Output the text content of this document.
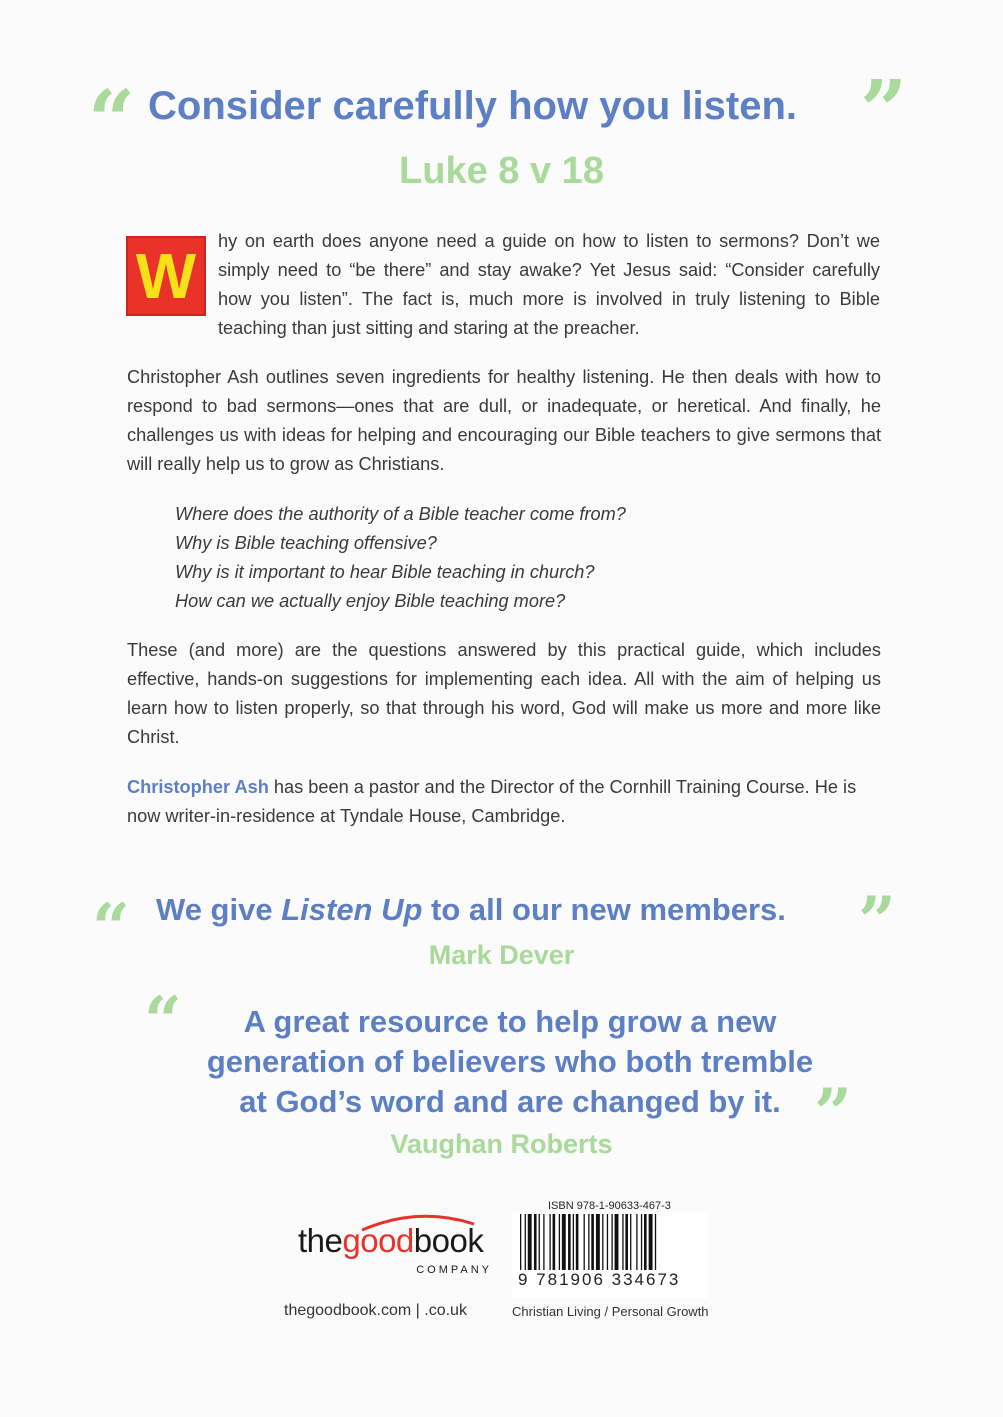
“ Consider carefully how you listen. ”
Luke 8 v 18
W	hy on earth does anyone need a guide on how to listen to sermons? Don’t we simply need to “be there” and stay awake? Yet Jesus said: “Consider carefully how you listen”. The fact is, much more is involved in truly listening to Bible teaching than just sitting and staring at the preacher.
Christopher Ash outlines seven ingredients for healthy listening. He then deals with how to respond to bad sermons—ones that are dull, or inadequate, or heretical. And finally, he challenges us with ideas for helping and encouraging our Bible teachers to give sermons that will really help us to grow as Christians.
Where does the authority of a Bible teacher come from?
Why is Bible teaching offensive?
Why is it important to hear Bible teaching in church?
How can we actually enjoy Bible teaching more?
These (and more) are the questions answered by this practical guide, which includes effective, hands-on suggestions for implementing each idea. All with the aim of helping us learn how to listen properly, so that through his word, God will make us more and more like Christ.
Christopher Ash has been a pastor and the Director of the Cornhill Training Course. He is now writer-in-residence at Tyndale House, Cambridge.
“ We give Listen Up to all our new members.	”
Mark Dever
“	A great resource to help grow a new
generation of believers who both tremble
at God’s word and are changed by it. ”
Vaughan Roberts
thegoodbook
COMPANY
ISBN 978-1-90633-467-3
9 781906 334673
thegoodbook.com | .co.uk	Christian Living / Personal Growth
